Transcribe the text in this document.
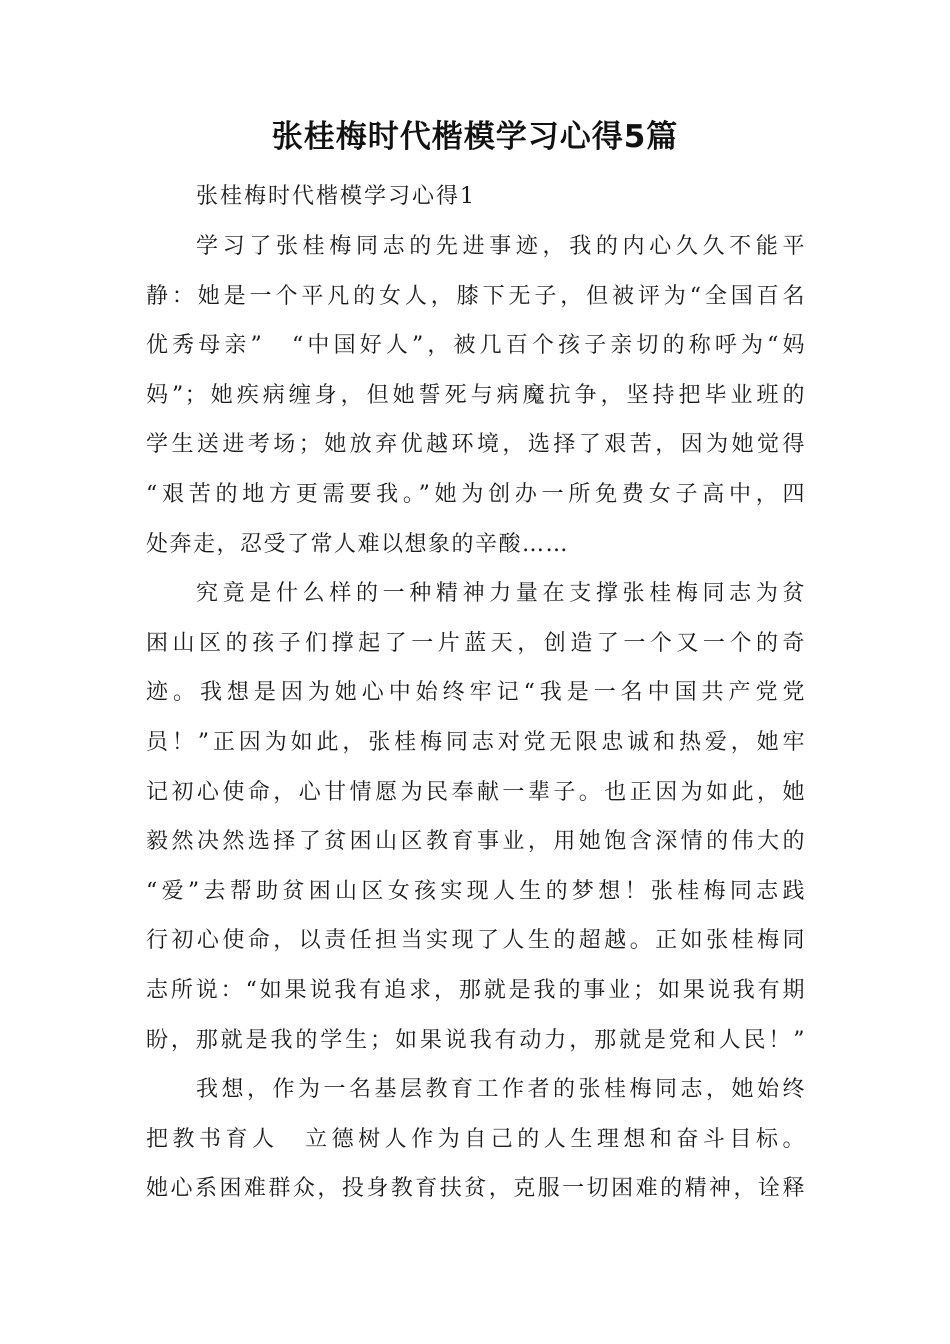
张桂梅时代楷模学习心得5篇
张桂梅时代楷模学习心得1
学习了张桂梅同志的先进事迹，我的内心久久不能平
静：她是一个平凡的女人，膝下无子，但被评为“全国百名
优秀母亲”　“中国好人”，被几百个孩子亲切的称呼为“妈
妈”；她疾病缠身，但她誓死与病魔抗争，坚持把毕业班的
学生送进考场；她放弃优越环境，选择了艰苦，因为她觉得
“艰苦的地方更需要我。”她为创办一所免费女子高中，四
处奔走，忍受了常人难以想象的辛酸……
究竟是什么样的一种精神力量在支撑张桂梅同志为贫
困山区的孩子们撑起了一片蓝天，创造了一个又一个的奇
迹。我想是因为她心中始终牢记“我是一名中国共产党党
员！”正因为如此，张桂梅同志对党无限忠诚和热爱，她牢
记初心使命，心甘情愿为民奉献一辈子。也正因为如此，她
毅然决然选择了贫困山区教育事业，用她饱含深情的伟大的
“爱”去帮助贫困山区女孩实现人生的梦想！张桂梅同志践
行初心使命，以责任担当实现了人生的超越。正如张桂梅同
志所说：“如果说我有追求，那就是我的事业；如果说我有期
盼，那就是我的学生；如果说我有动力，那就是党和人民！”
我想，作为一名基层教育工作者的张桂梅同志，她始终
把教书育人　立德树人作为自己的人生理想和奋斗目标。
她心系困难群众，投身教育扶贫，克服一切困难的精神，诠释
